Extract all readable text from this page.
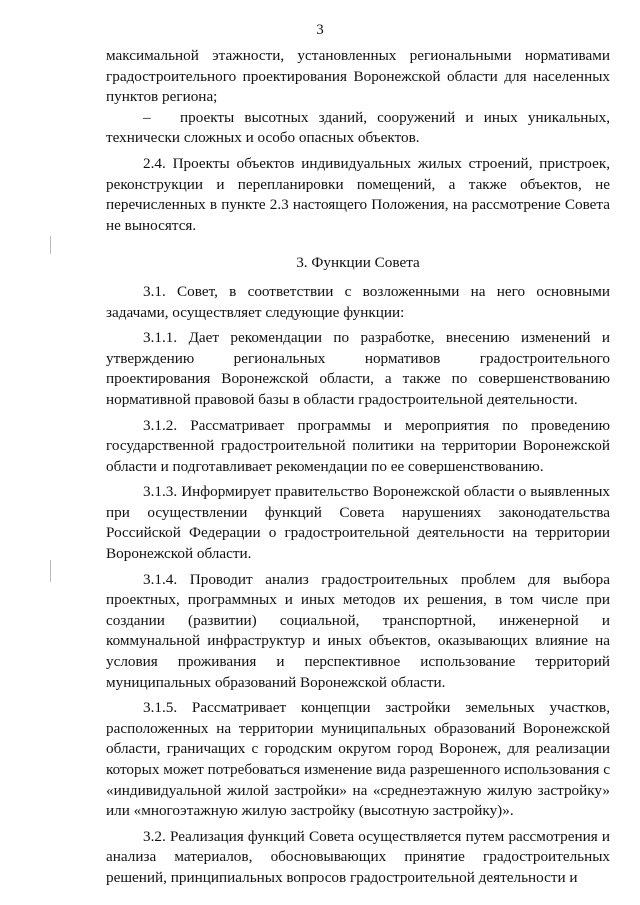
3

максимальной этажности, установленных региональными нормативами градостроительного проектирования Воронежской области для населенных пунктов региона;

– проекты высотных зданий, сооружений и иных уникальных, технически сложных и особо опасных объектов.

2.4. Проекты объектов индивидуальных жилых строений, пристроек, реконструкции и перепланировки помещений, а также объектов, не перечисленных в пункте 2.3 настоящего Положения, на рассмотрение Совета не выносятся.

3. Функции Совета

3.1. Совет, в соответствии с возложенными на него основными задачами, осуществляет следующие функции:

3.1.1. Дает рекомендации по разработке, внесению изменений и утверждению региональных нормативов градостроительного проектирования Воронежской области, а также по совершенствованию нормативной правовой базы в области градостроительной деятельности.

3.1.2. Рассматривает программы и мероприятия по проведению государственной градостроительной политики на территории Воронежской области и подготавливает рекомендации по ее совершенствованию.

3.1.3. Информирует правительство Воронежской области о выявленных при осуществлении функций Совета нарушениях законодательства Российской Федерации о градостроительной деятельности на территории Воронежской области.

3.1.4. Проводит анализ градостроительных проблем для выбора проектных, программных и иных методов их решения, в том числе при создании (развитии) социальной, транспортной, инженерной и коммунальной инфраструктур и иных объектов, оказывающих влияние на условия проживания и перспективное использование территорий муниципальных образований Воронежской области.

3.1.5. Рассматривает концепции застройки земельных участков, расположенных на территории муниципальных образований Воронежской области, граничащих с городским округом город Воронеж, для реализации которых может потребоваться изменение вида разрешенного использования с «индивидуальной жилой застройки» на «среднеэтажную жилую застройку» или «многоэтажную жилую застройку (высотную застройку)».

3.2. Реализация функций Совета осуществляется путем рассмотрения и анализа материалов, обосновывающих принятие градостроительных решений, принципиальных вопросов градостроительной деятельности и
